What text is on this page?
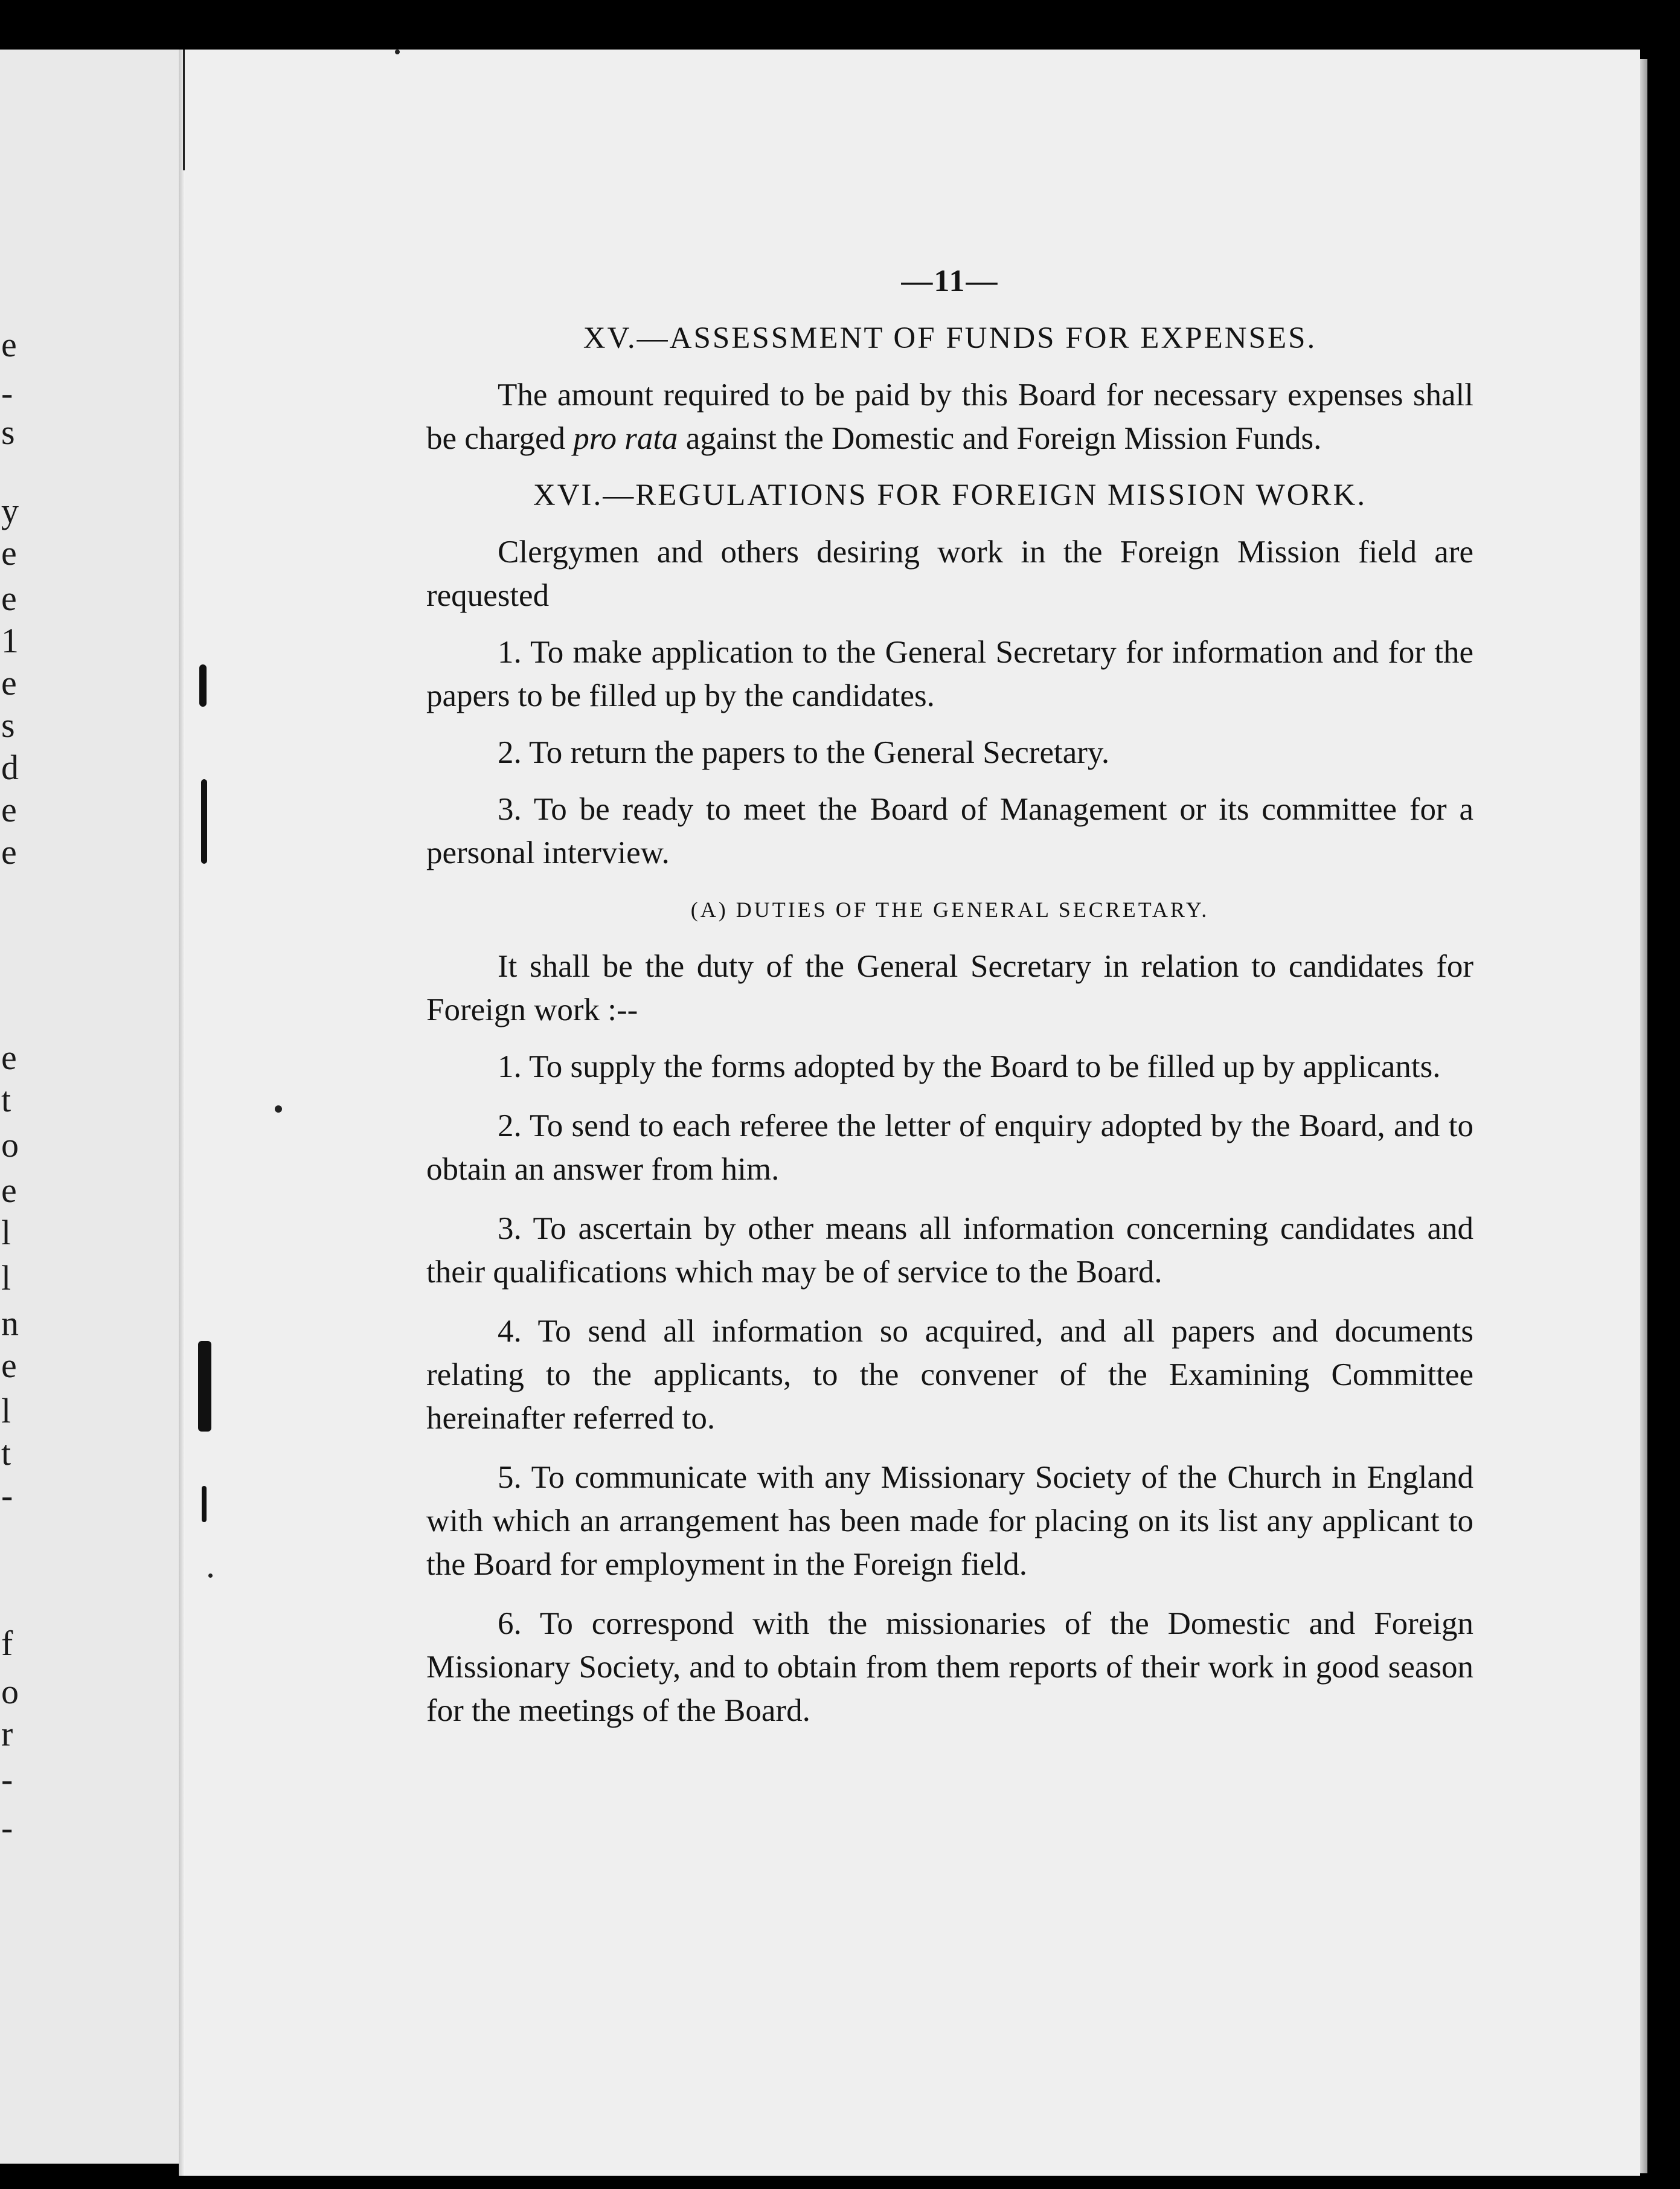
e
-
s
y
e
e
1
e
s
d
e
e
e
t
o
e
l
l
n
e
l
t
-
f
o
r
-
-
—11—
XV.—ASSESSMENT OF FUNDS FOR EXPENSES.

The amount required to be paid by this Board for necessary expenses shall be charged pro rata against the Domestic and Foreign Mission Funds.

XVI.—REGULATIONS FOR FOREIGN MISSION WORK.

Clergymen and others desiring work in the Foreign Mission field are requested

1. To make application to the General Secretary for information and for the papers to be filled up by the candidates.

2. To return the papers to the General Secretary.

3. To be ready to meet the Board of Management or its committee for a personal interview.

(A) DUTIES OF THE GENERAL SECRETARY.

It shall be the duty of the General Secretary in relation to candidates for Foreign work :--

1. To supply the forms adopted by the Board to be filled up by applicants.

2. To send to each referee the letter of enquiry adopted by the Board, and to obtain an answer from him.

3. To ascertain by other means all information concerning candidates and their qualifications which may be of service to the Board.

4. To send all information so acquired, and all papers and documents relating to the applicants, to the convener of the Examining Committee hereinafter referred to.

5. To communicate with any Missionary Society of the Church in England with which an arrangement has been made for placing on its list any applicant to the Board for employment in the Foreign field.

6. To correspond with the missionaries of the Domestic and Foreign Missionary Society, and to obtain from them reports of their work in good season for the meetings of the Board.
